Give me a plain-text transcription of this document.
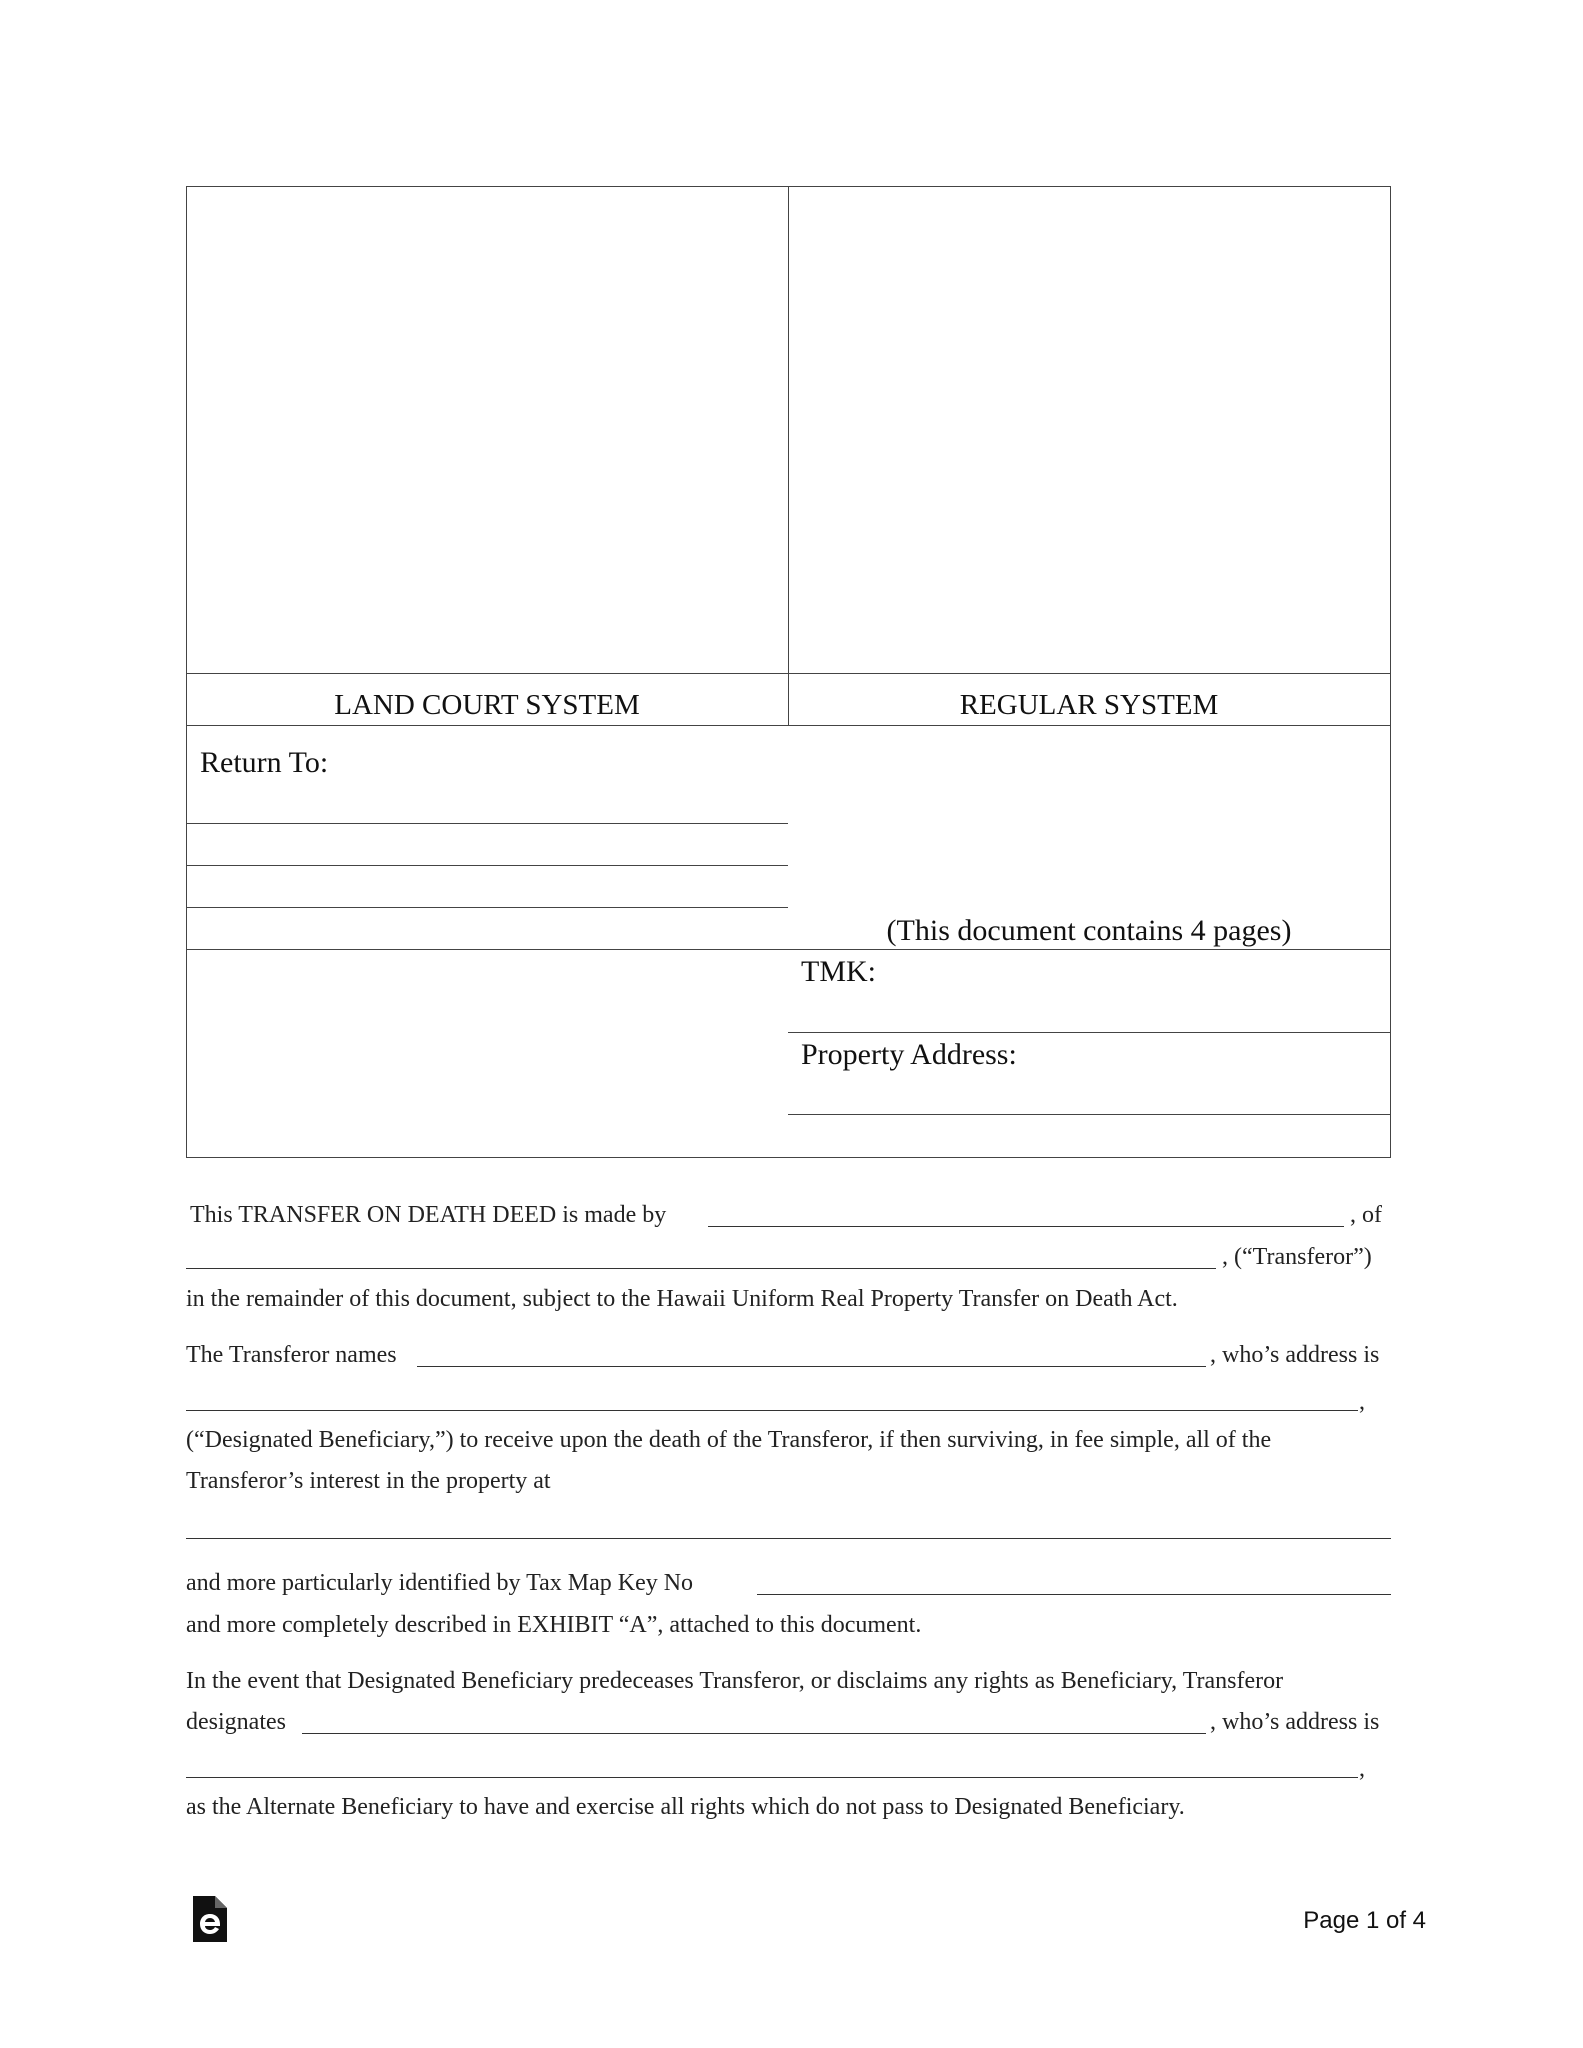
LAND COURT SYSTEM	REGULAR SYSTEM
Return To:
(This document contains 4 pages)
TMK:
Property Address:
This TRANSFER ON DEATH DEED is made by	, of
, (“Transferor”)
in the remainder of this document, subject to the Hawaii Uniform Real Property Transfer on Death Act.
The Transferor names	, who’s address is
,
(“Designated Beneficiary,”) to receive upon the death of the Transferor, if then surviving, in fee simple, all of the
Transferor’s interest in the property at
and more particularly identified by Tax Map Key No
and more completely described in EXHIBIT “A”, attached to this document.
In the event that Designated Beneficiary predeceases Transferor, or disclaims any rights as Beneficiary, Transferor
designates	, who’s address is
,
as the Alternate Beneficiary to have and exercise all rights which do not pass to Designated Beneficiary.
Page 1 of 4
